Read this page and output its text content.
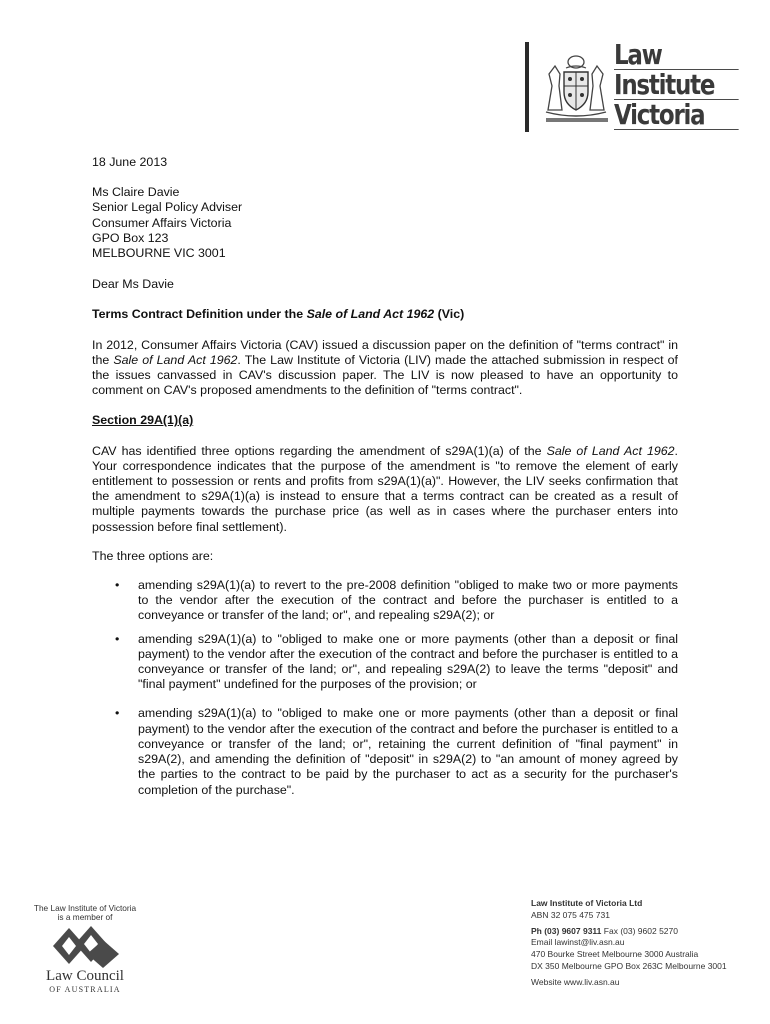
Law
Institute
Victoria

18 June 2013

Ms Claire Davie
Senior Legal Policy Adviser
Consumer Affairs Victoria
GPO Box 123
MELBOURNE VIC 3001

Dear Ms Davie

Terms Contract Definition under the Sale of Land Act 1962 (Vic)

In 2012, Consumer Affairs Victoria (CAV) issued a discussion paper on the definition of "terms contract" in the Sale of Land Act 1962. The Law Institute of Victoria (LIV) made the attached submission in respect of the issues canvassed in CAV's discussion paper. The LIV is now pleased to have an opportunity to comment on CAV's proposed amendments to the definition of "terms contract".

Section 29A(1)(a)

CAV has identified three options regarding the amendment of s29A(1)(a) of the Sale of Land Act 1962. Your correspondence indicates that the purpose of the amendment is "to remove the element of early entitlement to possession or rents and profits from s29A(1)(a)". However, the LIV seeks confirmation that the amendment to s29A(1)(a) is instead to ensure that a terms contract can be created as a result of multiple payments towards the purchase price (as well as in cases where the purchaser enters into possession before final settlement).

The three options are:

• amending s29A(1)(a) to revert to the pre-2008 definition "obliged to make two or more payments to the vendor after the execution of the contract and before the purchaser is entitled to a conveyance or transfer of the land; or", and repealing s29A(2); or
• amending s29A(1)(a) to "obliged to make one or more payments (other than a deposit or final payment) to the vendor after the execution of the contract and before the purchaser is entitled to a conveyance or transfer of the land; or", and repealing s29A(2) to leave the terms "deposit" and "final payment" undefined for the purposes of the provision; or
• amending s29A(1)(a) to "obliged to make one or more payments (other than a deposit or final payment) to the vendor after the execution of the contract and before the purchaser is entitled to a conveyance or transfer of the land; or", retaining the current definition of "final payment" in s29A(2), and amending the definition of "deposit" in s29A(2) to "an amount of money agreed by the parties to the contract to be paid by the purchaser to act as a security for the purchaser's completion of the purchase".
The Law Institute of Victoria
is a member of
Law Council
OF AUSTRALIA
Law Institute of Victoria Ltd
ABN 32 075 475 731
Ph (03) 9607 9311 Fax (03) 9602 5270
Email lawinst@liv.asn.au
470 Bourke Street Melbourne 3000 Australia
DX 350 Melbourne GPO Box 263C Melbourne 3001
Website www.liv.asn.au
